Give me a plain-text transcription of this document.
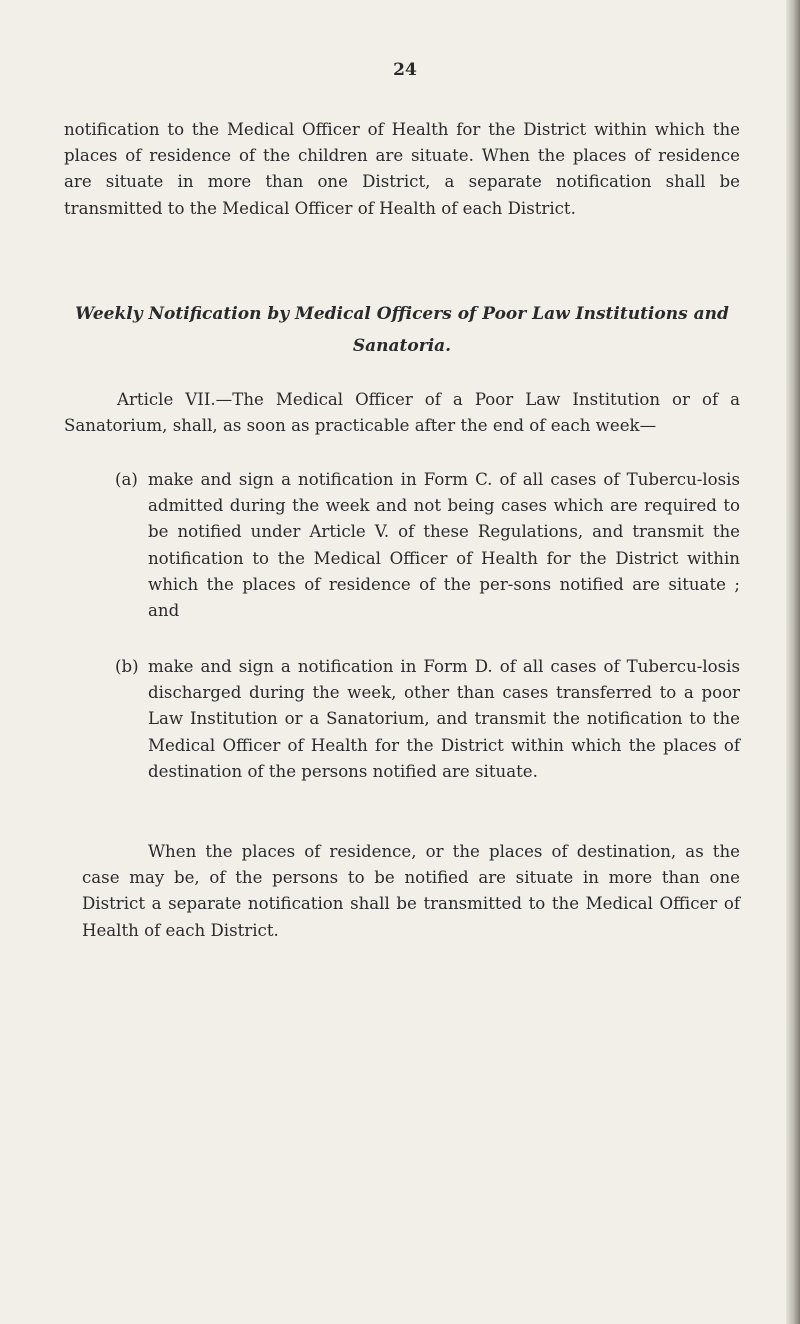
24

notification to the Medical Officer of Health for the District within which the places of residence of the children are situate. When the places of residence are situate in more than one District, a separate notification shall be transmitted to the Medical Officer of Health of each District.

Weekly Notification by Medical Officers of Poor Law Institutions and Sanatoria.

Article VII.—The Medical Officer of a Poor Law Institution or of a Sanatorium, shall, as soon as practicable after the end of each week—

(a) make and sign a notification in Form C. of all cases of Tubercu-losis admitted during the week and not being cases which are required to be notified under Article V. of these Regulations, and transmit the notification to the Medical Officer of Health for the District within which the places of residence of the per-sons notified are situate ; and

(b) make and sign a notification in Form D. of all cases of Tubercu-losis discharged during the week, other than cases transferred to a poor Law Institution or a Sanatorium, and transmit the notification to the Medical Officer of Health for the District within which the places of destination of the persons notified are situate.

When the places of residence, or the places of destination, as the case may be, of the persons to be notified are situate in more than one District a separate notification shall be transmitted to the Medical Officer of Health of each District.
